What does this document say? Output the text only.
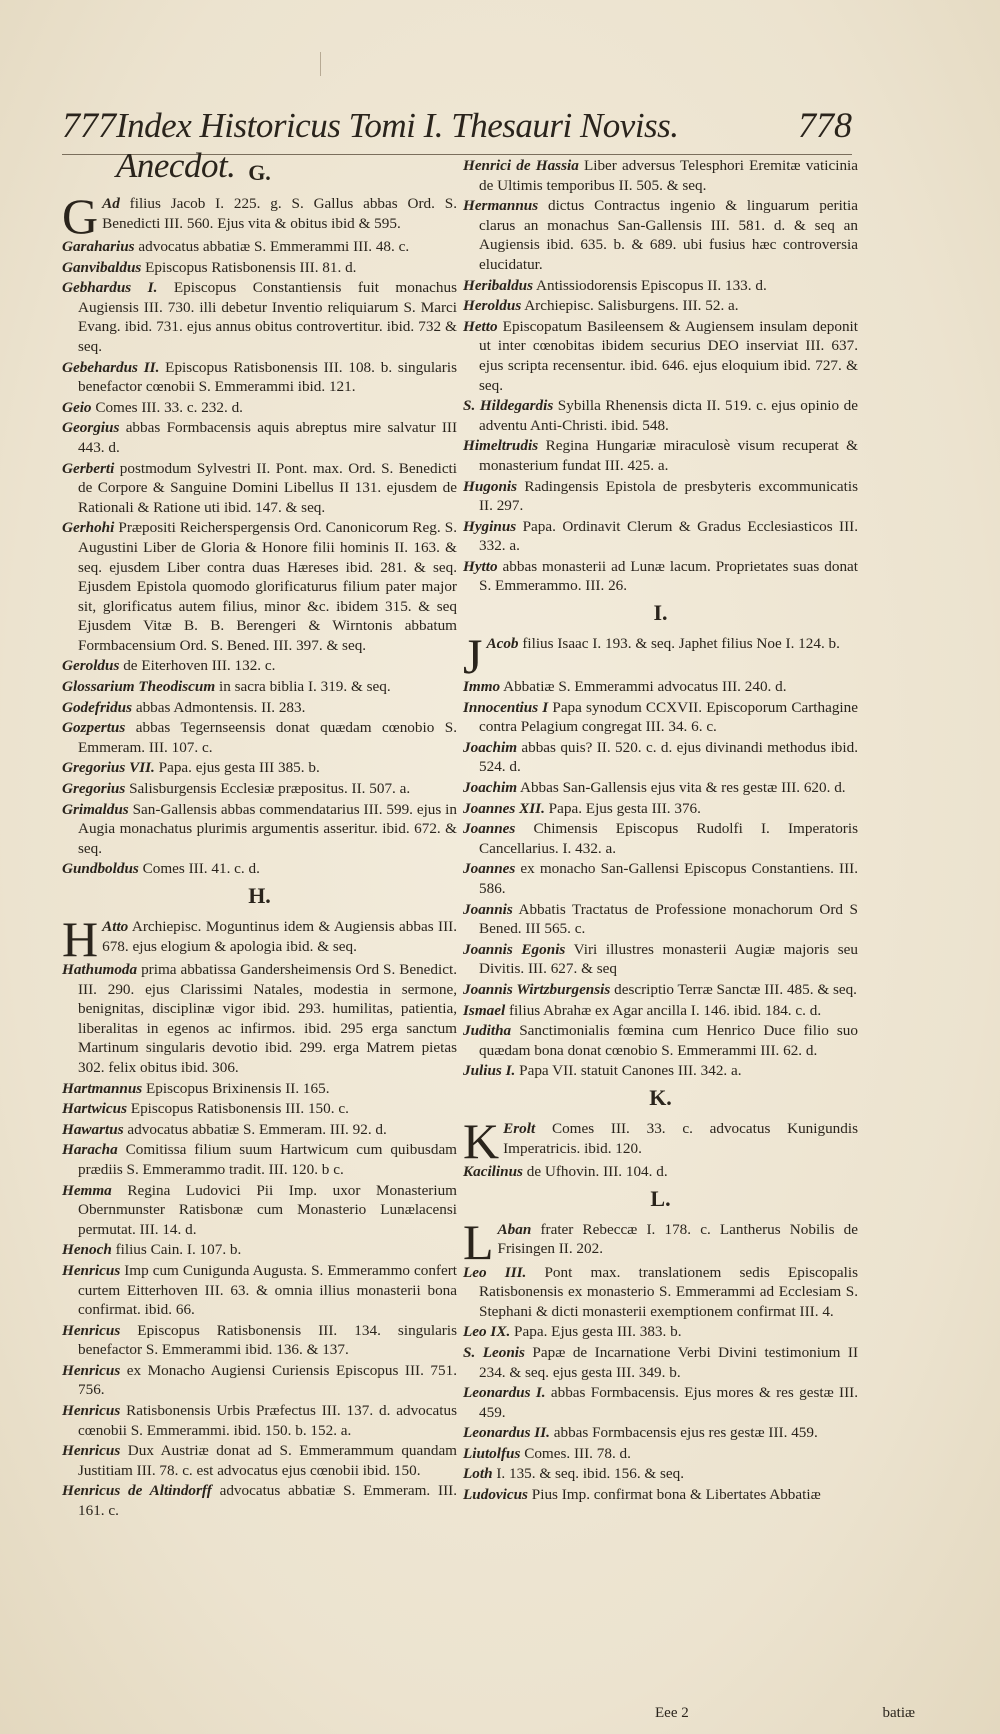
777 Index Historicus Tomi I. Thesauri Noviss. Anecdot.
778
G.

G Ad filius Jacob I. 225. g. S. Gallus abbas Ord. S. Benedicti III. 560. Ejus vita & obitus ibid & 595.

Garaharius advocatus abbatiæ S. Emmerammi III. 48. c.

Ganvibaldus Episcopus Ratisbonensis III. 81. d.

Gebhardus I. Episcopus Constantiensis fuit monachus Augiensis III. 730. illi debetur Inventio reliquiarum S. Marci Evang. ibid. 731. ejus annus obitus controvertitur. ibid. 732 & seq.

Gebehardus II. Episcopus Ratisbonensis III. 108. b. singularis benefactor cœnobii S. Emmerammi ibid. 121.

Geio Comes III. 33. c. 232. d.

Georgius abbas Formbacensis aquis abreptus mire salvatur III 443. d.

Gerberti postmodum Sylvestri II. Pont. max. Ord. S. Benedicti de Corpore & Sanguine Domini Libellus II 131. ejusdem de Rationali & Ratione uti ibid. 147. & seq.

Gerhohi Præpositi Reicherspergensis Ord. Canonicorum Reg. S. Augustini Liber de Gloria & Honore filii hominis II. 163. & seq. ejusdem Liber contra duas Hæreses ibid. 281. & seq. Ejusdem Epistola quomodo glorificaturus filium pater major sit, glorificatus autem filius, minor &c. ibidem 315. & seq Ejusdem Vitæ B. B. Berengeri & Wirntonis abbatum Formbacensium Ord. S. Bened. III. 397. & seq.

Geroldus de Eiterhoven III. 132. c.

Glossarium Theodiscum in sacra biblia I. 319. & seq.

Godefridus abbas Admontensis. II. 283.

Gozpertus abbas Tegernseensis donat quædam cœnobio S. Emmeram. III. 107. c.

Gregorius VII. Papa. ejus gesta III 385. b.

Gregorius Salisburgensis Ecclesiæ præpositus. II. 507. a.

Grimaldus San-Gallensis abbas commendatarius III. 599. ejus in Augia monachatus plurimis argumentis asseritur. ibid. 672. & seq.

Gundboldus Comes III. 41. c. d.

H.

H Atto Archiepisc. Moguntinus idem & Augiensis abbas III. 678. ejus elogium & apologia ibid. & seq.

Hathumoda prima abbatissa Gandersheimensis Ord S. Benedict. III. 290. ejus Clarissimi Natales, modestia in sermone, benignitas, disciplinæ vigor ibid. 293. humilitas, patientia, liberalitas in egenos ac infirmos. ibid. 295 erga sanctum Martinum singularis devotio ibid. 299. erga Matrem pietas 302. felix obitus ibid. 306.

Hartmannus Episcopus Brixinensis II. 165.

Hartwicus Episcopus Ratisbonensis III. 150. c.

Hawartus advocatus abbatiæ S. Emmeram. III. 92. d.

Haracha Comitissa filium suum Hartwicum cum quibusdam prædiis S. Emmerammo tradit. III. 120. b c.

Hemma Regina Ludovici Pii Imp. uxor Monasterium Obernmunster Ratisbonæ cum Monasterio Lunælacensi permutat. III. 14. d.

Henoch filius Cain. I. 107. b.

Henricus Imp cum Cunigunda Augusta. S. Emmerammo confert curtem Eitterhoven III. 63. & omnia illius monasterii bona confirmat. ibid. 66.

Henricus Episcopus Ratisbonensis III. 134. singularis benefactor S. Emmerammi ibid. 136. & 137.

Henricus ex Monacho Augiensi Curiensis Episcopus III. 751. 756.

Henricus Ratisbonensis Urbis Præfectus III. 137. d. advocatus cœnobii S. Emmerammi. ibid. 150. b. 152. a.

Henricus Dux Austriæ donat ad S. Emmerammum quandam Justitiam III. 78. c. est advocatus ejus cœnobii ibid. 150.

Henricus de Altindorff advocatus abbatiæ S. Emmeram. III. 161. c.

Henrici de Hassia Liber adversus Telesphori Eremitæ vaticinia de Ultimis temporibus II. 505. & seq.

Hermannus dictus Contractus ingenio & linguarum peritia clarus an monachus San-Gallensis III. 581. d. & seq an Augiensis ibid. 635. b. & 689. ubi fusius hæc controversia elucidatur.

Heribaldus Antissiodorensis Episcopus II. 133. d.

Heroldus Archiepisc. Salisburgens. III. 52. a.

Hetto Episcopatum Basileensem & Augiensem insulam deponit ut inter cœnobitas ibidem securius DEO inserviat III. 637. ejus scripta recensentur. ibid. 646. ejus eloquium ibid. 727. & seq.

S. Hildegardis Sybilla Rhenensis dicta II. 519. c. ejus opinio de adventu Anti-Christi. ibid. 548.

Himeltrudis Regina Hungariæ miraculosè visum recuperat & monasterium fundat III. 425. a.

Hugonis Radingensis Epistola de presbyteris excommunicatis II. 297.

Hyginus Papa. Ordinavit Clerum & Gradus Ecclesiasticos III. 332. a.

Hytto abbas monasterii ad Lunæ lacum. Proprietates suas donat S. Emmerammo. III. 26.

I.

J Acob filius Isaac I. 193. & seq. Japhet filius Noe I. 124. b.

Immo Abbatiæ S. Emmerammi advocatus III. 240. d.

Innocentius I Papa synodum CCXVII. Episcoporum Carthagine contra Pelagium congregat III. 34. 6. c.

Joachim abbas quis? II. 520. c. d. ejus divinandi methodus ibid. 524. d.

Joachim Abbas San-Gallensis ejus vita & res gestæ III. 620. d.

Joannes XII. Papa. Ejus gesta III. 376.

Joannes Chimensis Episcopus Rudolfi I. Imperatoris Cancellarius. I. 432. a.

Joannes ex monacho San-Gallensi Episcopus Constantiens. III. 586.

Joannis Abbatis Tractatus de Professione monachorum Ord S Bened. III 565. c.

Joannis Egonis Viri illustres monasterii Augiæ majoris seu Divitis. III. 627. & seq

Joannis Wirtzburgensis descriptio Terræ Sanctæ III. 485. & seq.

Ismael filius Abrahæ ex Agar ancilla I. 146. ibid. 184. c. d.

Juditha Sanctimonialis fœmina cum Henrico Duce filio suo quædam bona donat cœnobio S. Emmerammi III. 62. d.

Julius I. Papa VII. statuit Canones III. 342. a.

K.

K Erolt Comes III. 33. c. advocatus Kunigundis Imperatricis. ibid. 120.

Kacilinus de Ufhovin. III. 104. d.

L.

L Aban frater Rebeccæ I. 178. c. Lantherus Nobilis de Frisingen II. 202.

Leo III. Pont max. translationem sedis Episcopalis Ratisbonensis ex monasterio S. Emmerammi ad Ecclesiam S. Stephani & dicti monasterii exemptionem confirmat III. 4.

Leo IX. Papa. Ejus gesta III. 383. b.

S. Leonis Papæ de Incarnatione Verbi Divini testimonium II 234. & seq. ejus gesta III. 349. b.

Leonardus I. abbas Formbacensis. Ejus mores & res gestæ III. 459.

Leonardus II. abbas Formbacensis ejus res gestæ III. 459.

Liutolfus Comes. III. 78. d.

Loth I. 135. & seq. ibid. 156. & seq.

Ludovicus Pius Imp. confirmat bona & Libertates Abbatiæ

Eee 2	batiæ
